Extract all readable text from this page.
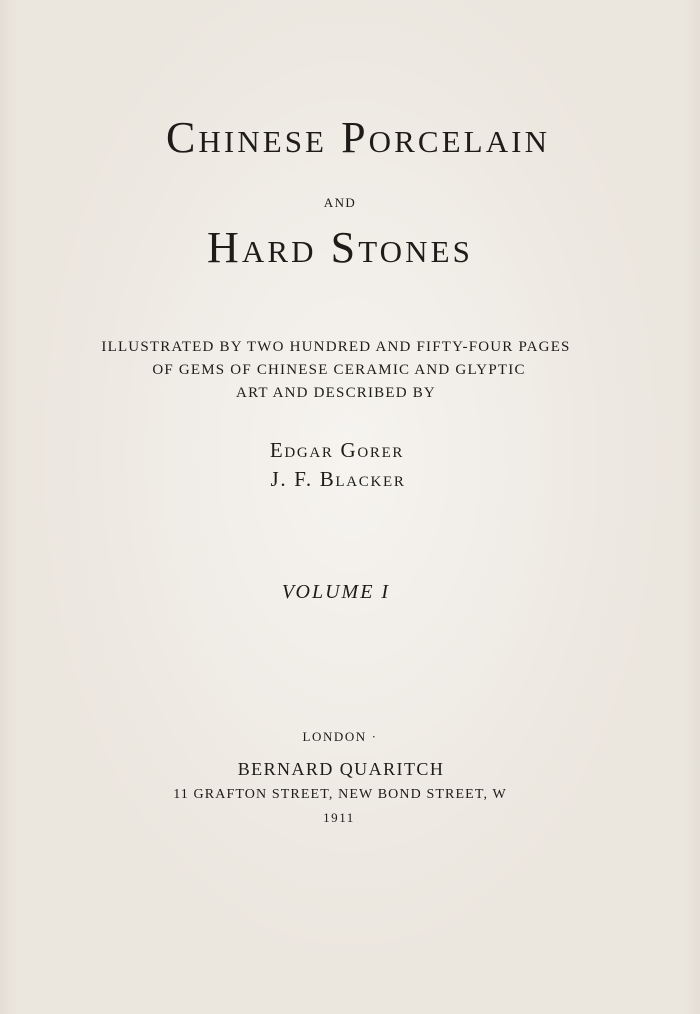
Chinese Porcelain
and
Hard Stones
ILLUSTRATED BY TWO HUNDRED AND FIFTY-FOUR PAGES
OF GEMS OF CHINESE CERAMIC AND GLYPTIC
ART AND DESCRIBED BY
Edgar Gorer
J. F. Blacker
VOLUME I
LONDON ·
BERNARD QUARITCH
11 GRAFTON STREET, NEW BOND STREET, W
1911
